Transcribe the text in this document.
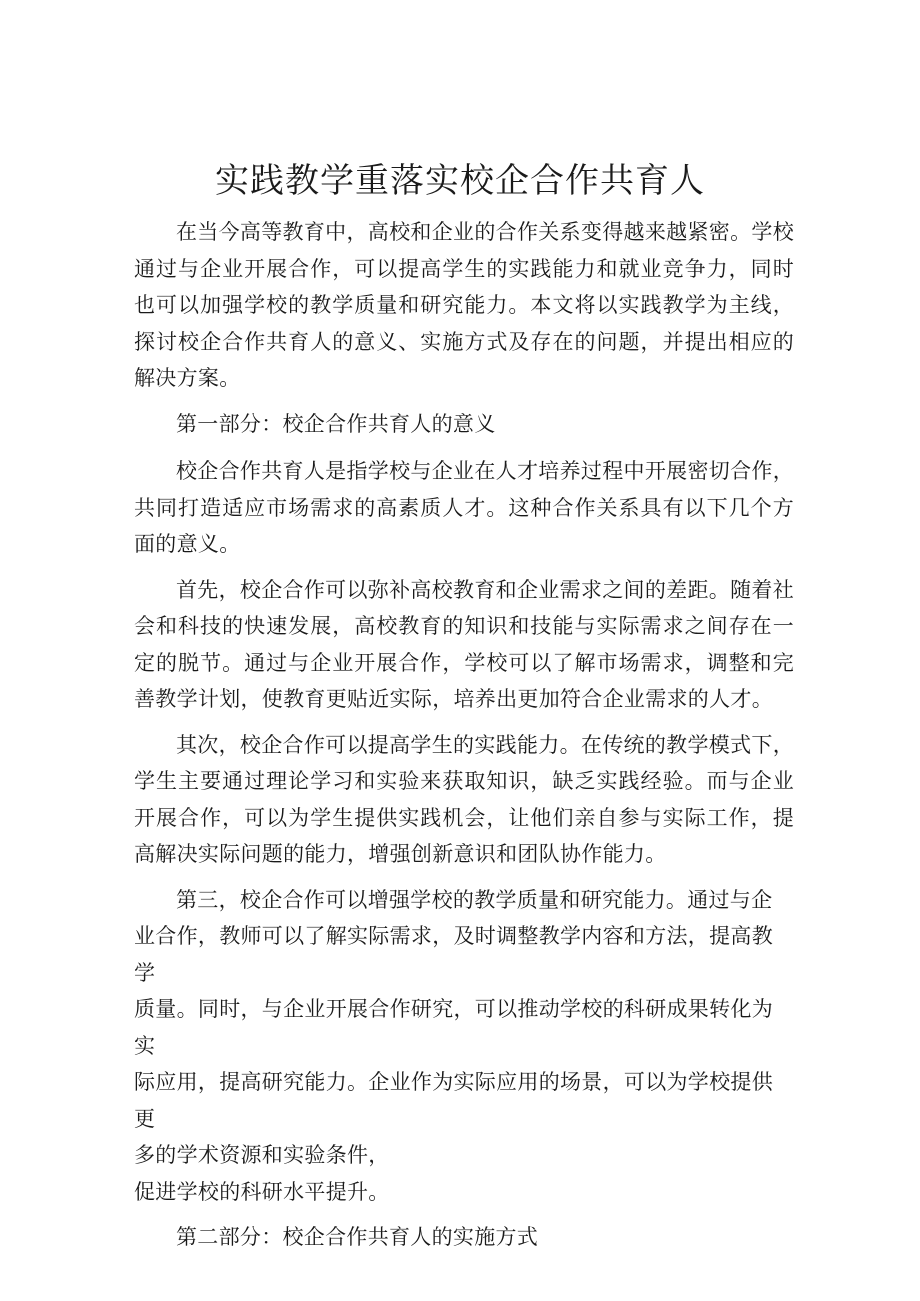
实践教学重落实校企合作共育人

在当今高等教育中，高校和企业的合作关系变得越来越紧密。学校通过与企业开展合作，可以提高学生的实践能力和就业竞争力，同时也可以加强学校的教学质量和研究能力。本文将以实践教学为主线，探讨校企合作共育人的意义、实施方式及存在的问题，并提出相应的解决方案。

第一部分：校企合作共育人的意义

校企合作共育人是指学校与企业在人才培养过程中开展密切合作，共同打造适应市场需求的高素质人才。这种合作关系具有以下几个方面的意义。

首先，校企合作可以弥补高校教育和企业需求之间的差距。随着社会和科技的快速发展，高校教育的知识和技能与实际需求之间存在一定的脱节。通过与企业开展合作，学校可以了解市场需求，调整和完善教学计划，使教育更贴近实际，培养出更加符合企业需求的人才。

其次，校企合作可以提高学生的实践能力。在传统的教学模式下，学生主要通过理论学习和实验来获取知识，缺乏实践经验。而与企业开展合作，可以为学生提供实践机会，让他们亲自参与实际工作，提高解决实际问题的能力，增强创新意识和团队协作能力。

第三，校企合作可以增强学校的教学质量和研究能力。通过与企
业合作，教师可以了解实际需求，及时调整教学内容和方法，提高教学
质量。同时，与企业开展合作研究，可以推动学校的科研成果转化为实
际应用，提高研究能力。企业作为实际应用的场景，可以为学校提供更
多的学术资源和实验条件，
促进学校的科研水平提升。

第二部分：校企合作共育人的实施方式
